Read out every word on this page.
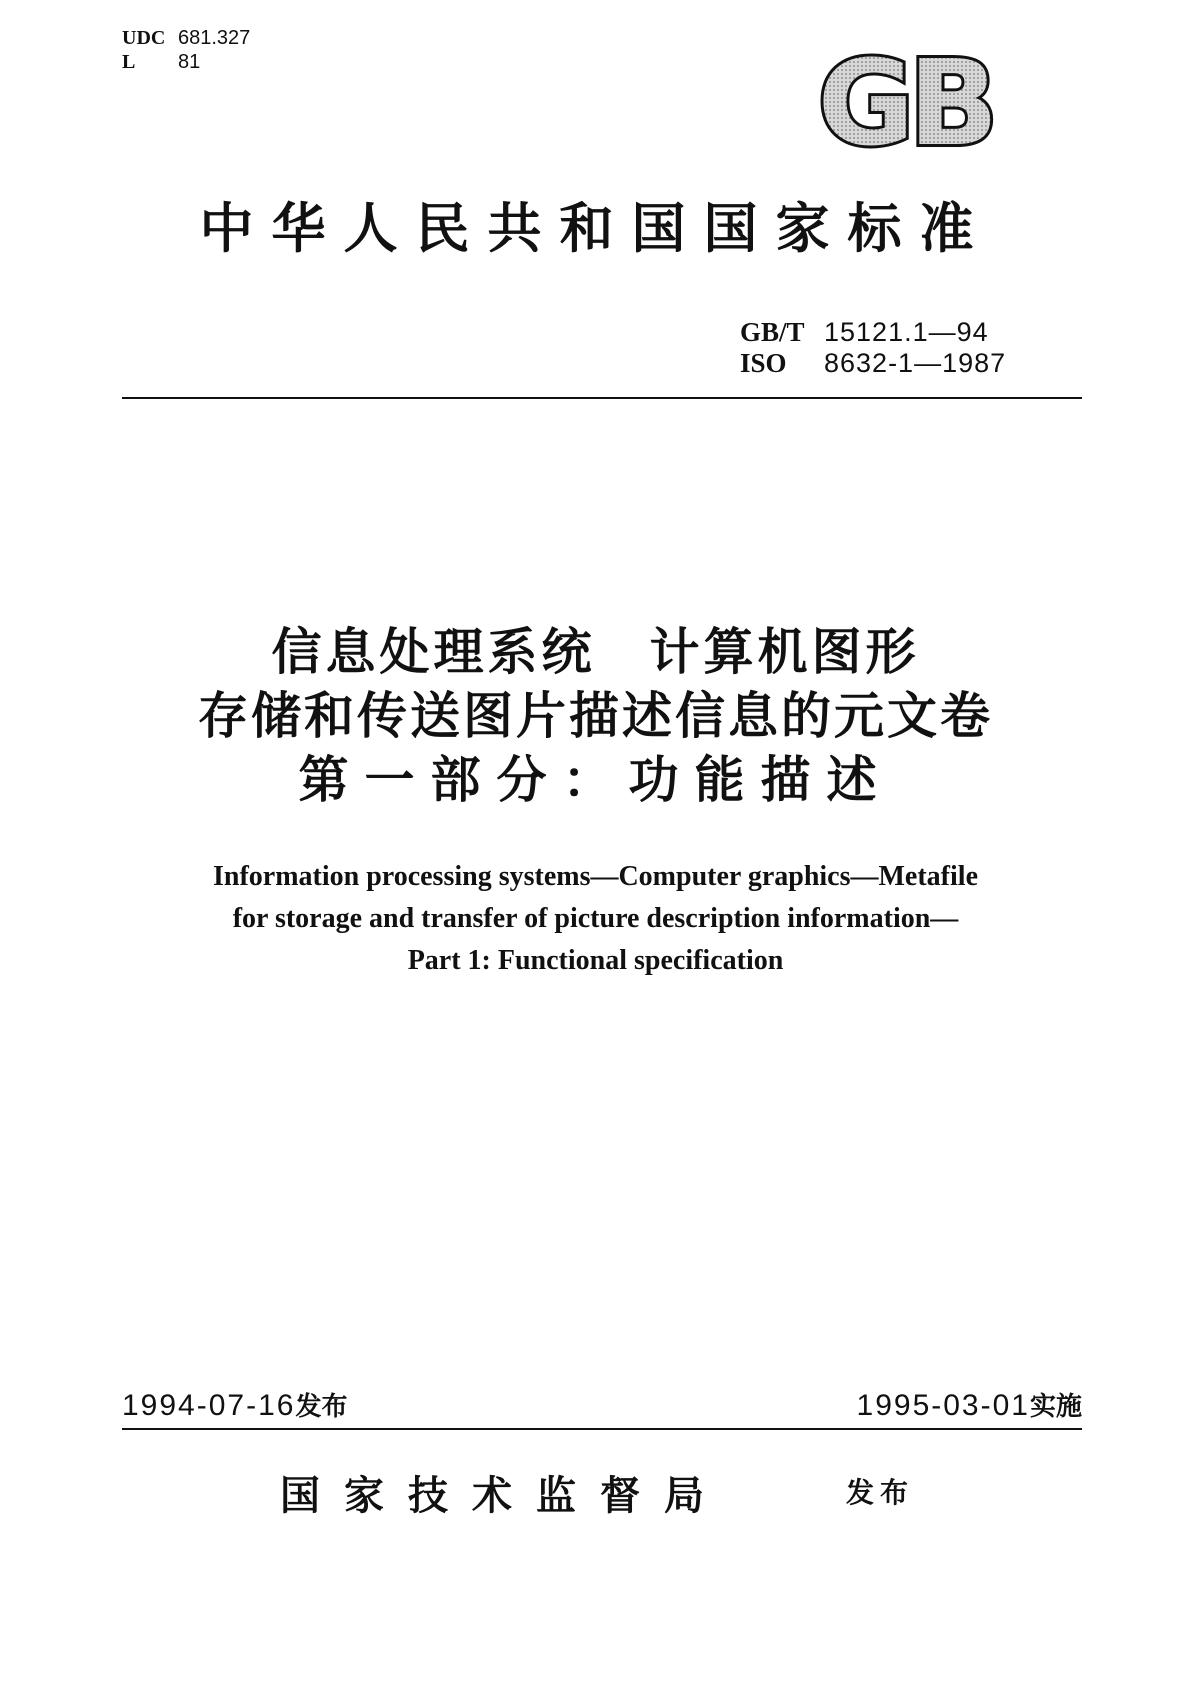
UDC 681.327
L 81	GB
中华人民共和国国家标准
GB/T 15121.1—94
ISO 8632-1—1987
信息处理系统　计算机图形
存储和传送图片描述信息的元文卷
第一部分：功能描述
Information processing systems—Computer graphics—Metafile
for storage and transfer of picture description information—
Part 1: Functional specification
1994-07-16发布	1995-03-01实施
国家技术监督局	发布
